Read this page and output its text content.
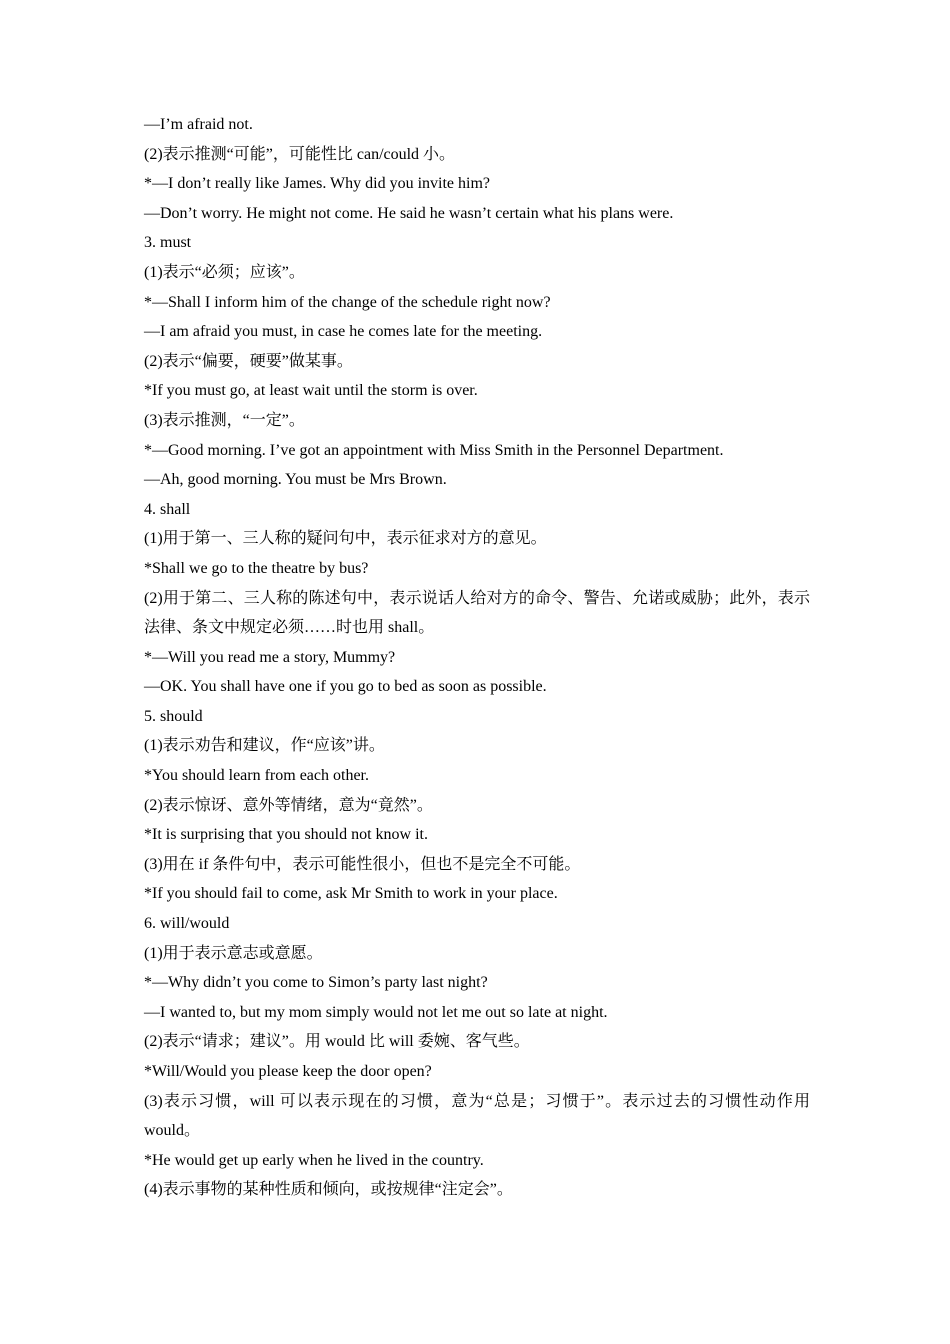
—I’m afraid not.
(2)表示推测“可能”，可能性比 can/could 小。
*—I don’t really like James. Why did you invite him?
—Don’t worry. He might not come. He said he wasn’t certain what his plans were.
3. must
(1)表示“必须；应该”。
*—Shall I inform him of the change of the schedule right now?
—I am afraid you must, in case he comes late for the meeting.
(2)表示“偏要，硬要”做某事。
*If you must go, at least wait until the storm is over.
(3)表示推测，“一定”。
*—Good morning. I’ve got an appointment with Miss Smith in the Personnel Department.
—Ah, good morning. You must be Mrs Brown.
4. shall
(1)用于第一、三人称的疑问句中，表示征求对方的意见。
*Shall we go to the theatre by bus?
(2)用于第二、三人称的陈述句中，表示说话人给对方的命令、警告、允诺或威胁；此外，表示法律、条文中规定必须……时也用 shall。
*—Will you read me a story, Mummy?
—OK. You shall have one if you go to bed as soon as possible.
5. should
(1)表示劝告和建议，作“应该”讲。
*You should learn from each other.
(2)表示惊讶、意外等情绪，意为“竟然”。
*It is surprising that you should not know it.
(3)用在 if 条件句中，表示可能性很小，但也不是完全不可能。
*If you should fail to come, ask Mr Smith to work in your place.
6. will/would
(1)用于表示意志或意愿。
*—Why didn’t you come to Simon’s party last night?
—I wanted to, but my mom simply would not let me out so late at night.
(2)表示“请求；建议”。用 would 比 will 委婉、客气些。
*Will/Would you please keep the door open?
(3)表示习惯，will 可以表示现在的习惯，意为“总是；习惯于”。表示过去的习惯性动作用 would。
*He would get up early when he lived in the country.
(4)表示事物的某种性质和倾向，或按规律“注定会”。
